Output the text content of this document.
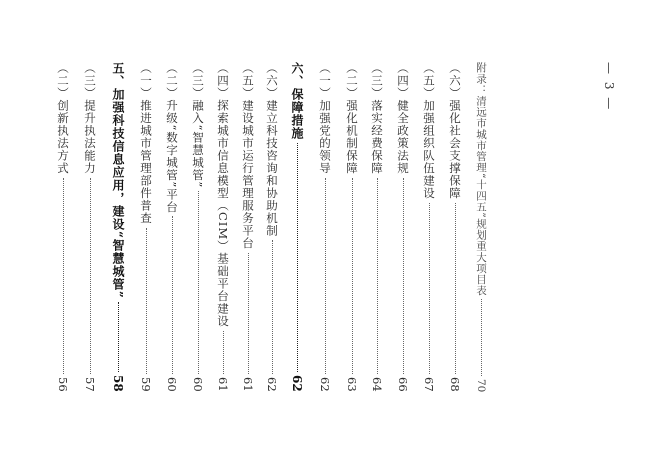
（二）创新执法方式
56
（三）提升执法能力
57
五、加强科技信息应用，建设“智慧城管”
58
（一）推进城市管理部件普查
59
（二）升级“数字城管”平台
60
（三）融入“智慧城管”
60
（四）探索城市信息模型（CIM）基础平台建设
61
（五）建设城市运行管理服务平台
61
（六）建立科技咨询和协助机制
62
六、保障措施
62
（一）加强党的领导
62
（二）强化机制保障
63
（三）落实经费保障
64
（四）健全政策法规
66
（五）加强组织队伍建设
67
（六）强化社会支撑保障
68
附录：清远市城市管理“十四五”规划重大项目表
70
— 3 —
